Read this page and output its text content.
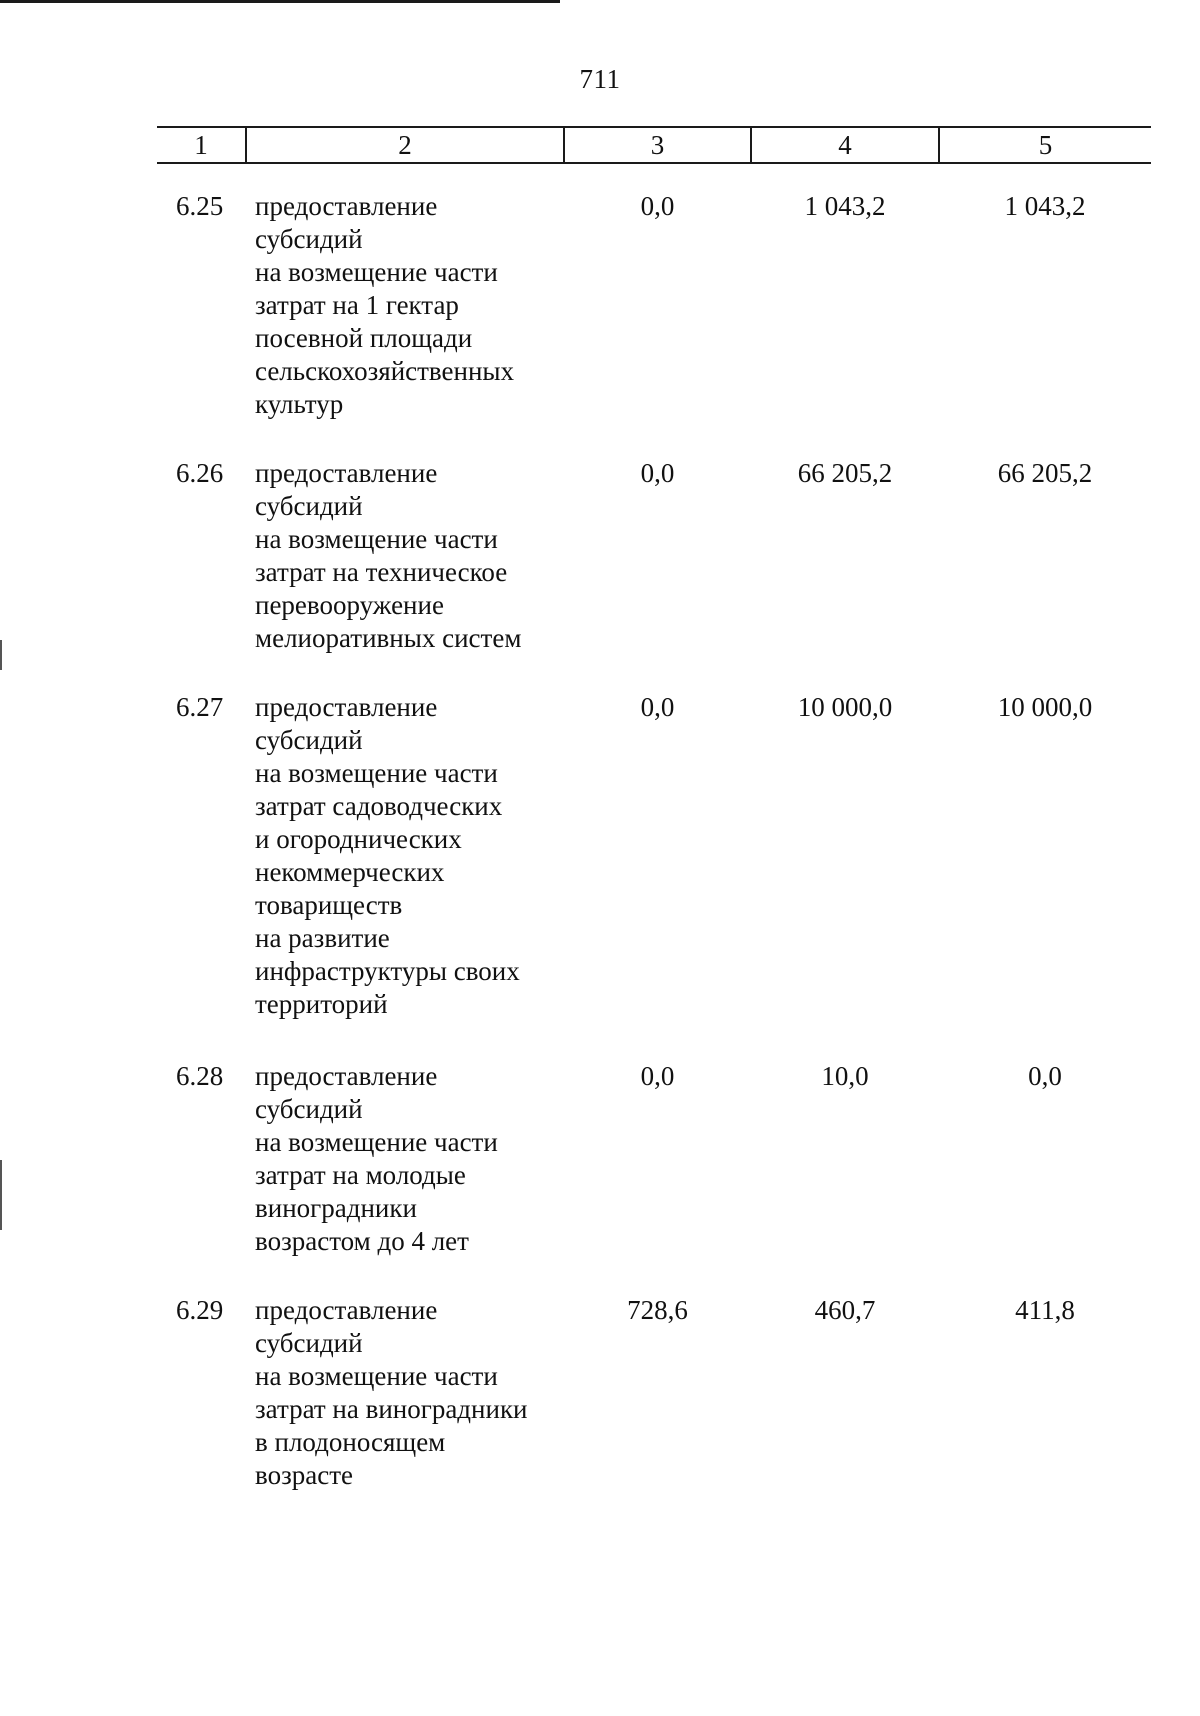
711
1	2	3	4	5
6.25 предоставление
субсидий
на возмещение части
затрат на 1 гектар
посевной площади
сельскохозяйственных
культур
0,0	1 043,2	1 043,2
6.26 предоставление
субсидий
на возмещение части
затрат на техническое
перевооружение
мелиоративных систем
0,0	66 205,2	66 205,2
6.27 предоставление
субсидий
на возмещение части
затрат садоводческих
и огороднических
некоммерческих
товариществ
на развитие
инфраструктуры своих
территорий
0,0	10 000,0	10 000,0
6.28 предоставление
субсидий
на возмещение части
затрат на молодые
виноградники
возрастом до 4 лет
0,0	10,0	0,0
6.29 предоставление
субсидий
на возмещение части
затрат на виноградники
в плодоносящем
возрасте
728,6	460,7	411,8
